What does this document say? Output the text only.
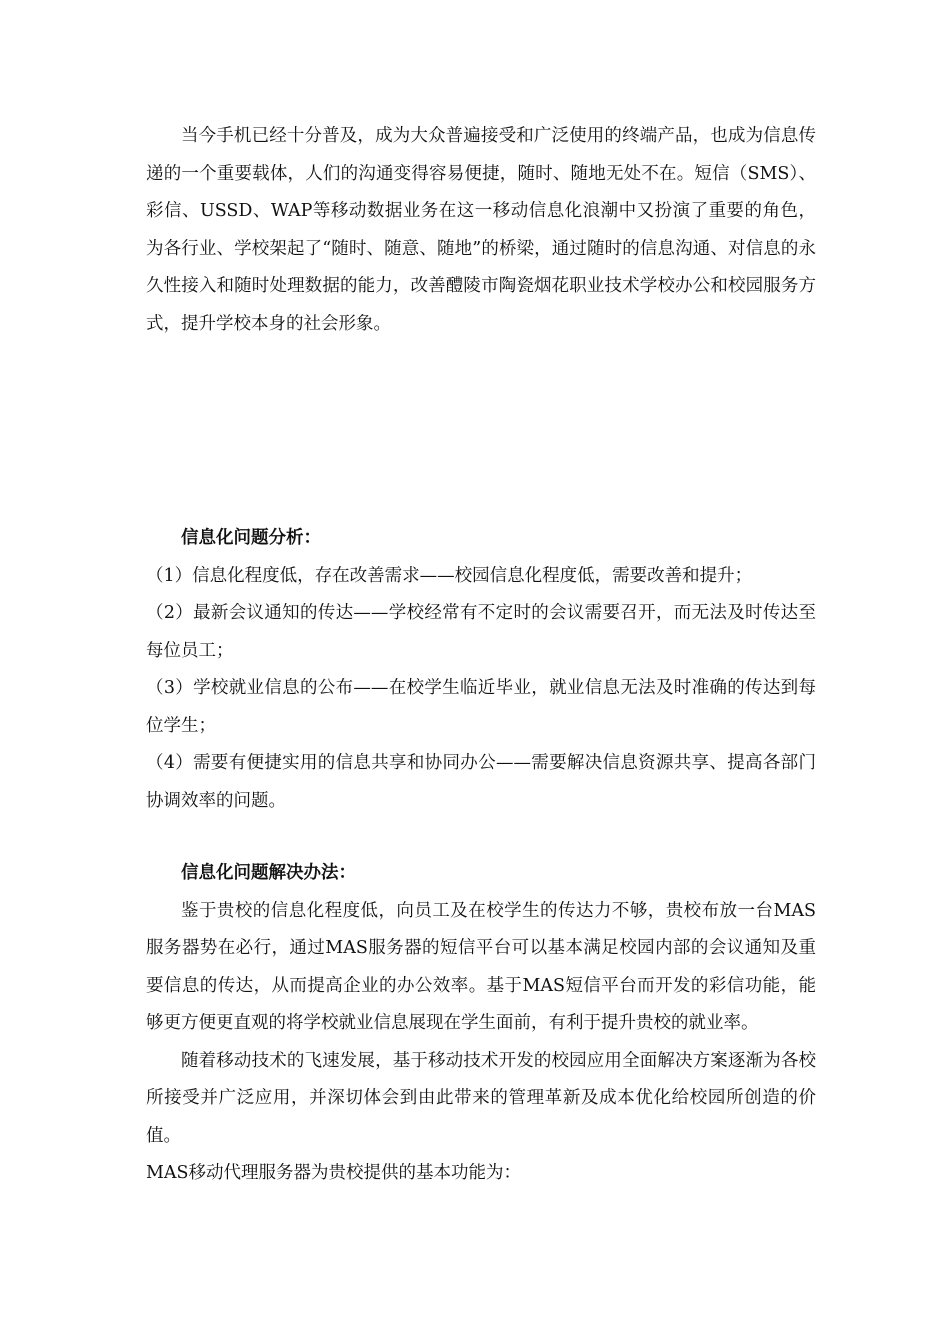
当今手机已经十分普及，成为大众普遍接受和广泛使用的终端产品，也成为信息传递的一个重要载体，人们的沟通变得容易便捷，随时、随地无处不在。短信（SMS）、彩信、USSD、WAP等移动数据业务在这一移动信息化浪潮中又扮演了重要的角色，为各行业、学校架起了“随时、随意、随地”的桥梁，通过随时的信息沟通、对信息的永久性接入和随时处理数据的能力，改善醴陵市陶瓷烟花职业技术学校办公和校园服务方式，提升学校本身的社会形象。

信息化问题分析：

（1）信息化程度低，存在改善需求——校园信息化程度低，需要改善和提升；

（2）最新会议通知的传达——学校经常有不定时的会议需要召开，而无法及时传达至每位员工；

（3）学校就业信息的公布——在校学生临近毕业，就业信息无法及时准确的传达到每位学生；

（4）需要有便捷实用的信息共享和协同办公——需要解决信息资源共享、提高各部门协调效率的问题。

信息化问题解决办法：

鉴于贵校的信息化程度低，向员工及在校学生的传达力不够，贵校布放一台MAS服务器势在必行，通过MAS服务器的短信平台可以基本满足校园内部的会议通知及重要信息的传达，从而提高企业的办公效率。基于MAS短信平台而开发的彩信功能，能够更方便更直观的将学校就业信息展现在学生面前，有利于提升贵校的就业率。

随着移动技术的飞速发展，基于移动技术开发的校园应用全面解决方案逐渐为各校所接受并广泛应用，并深切体会到由此带来的管理革新及成本优化给校园所创造的价值。

MAS移动代理服务器为贵校提供的基本功能为：
